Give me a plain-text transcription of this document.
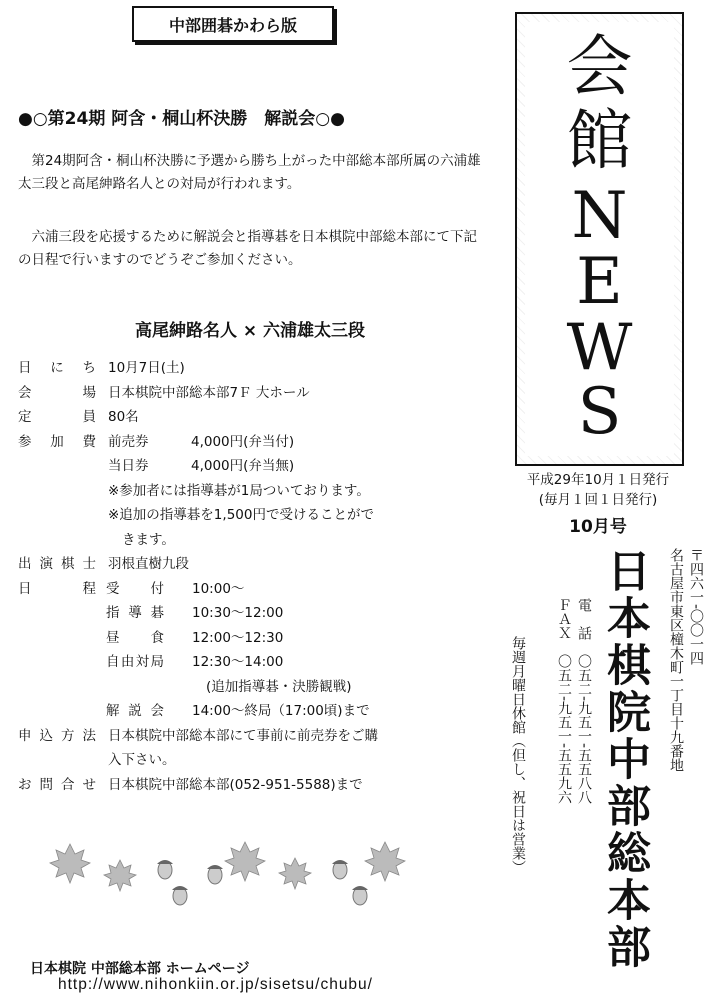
中部囲碁かわら版
●○第24期 阿含・桐山杯決勝　解説会○●
第24期阿含・桐山杯決勝に予選から勝ち上がった中部総本部所属の六浦雄太三段と高尾紳路名人との対局が行われます。
六浦三段を応援するために解説会と指導碁を日本棋院中部総本部にて下記の日程で行いますのでどうぞご参加ください。
高尾紳路名人 × 六浦雄太三段
日にち 10月7日(土)
会場 日本棋院中部総本部7Ｆ 大ホール
定員 80名
参加費 前売券	4,000円(弁当付)
当日券	4,000円(弁当無)
※参加者には指導碁が1局ついております。
※追加の指導碁を1,500円で受けることがで
きます。
出演棋士 羽根直樹九段
日程 受付 10:00〜
指導碁 10:30〜12:00
昼食 12:00〜12:30
自由対局 12:30〜14:00
(追加指導碁・決勝観戦)
解説会 14:00〜終局（17:00頃)まで
申込方法 日本棋院中部総本部にて事前に前売券をご購
入下さい。
お問合せ 日本棋院中部総本部(052-951-5588)まで
日本棋院 中部総本部 ホームページ
http://www.nihonkiin.or.jp/sisetsu/chubu/
会
館
N
E
W
S
平成29年10月１日発行
(毎月１回１日発行)
10月号
〒四六一-〇〇一四
名古屋市東区橦木町一丁目十九番地
日本棋院中部総本部
電　話　〇五二-九五一-五五八八
ＦＡＸ　〇五二-九五一-五五九六
毎週月曜日休館（但し、祝日は営業）
